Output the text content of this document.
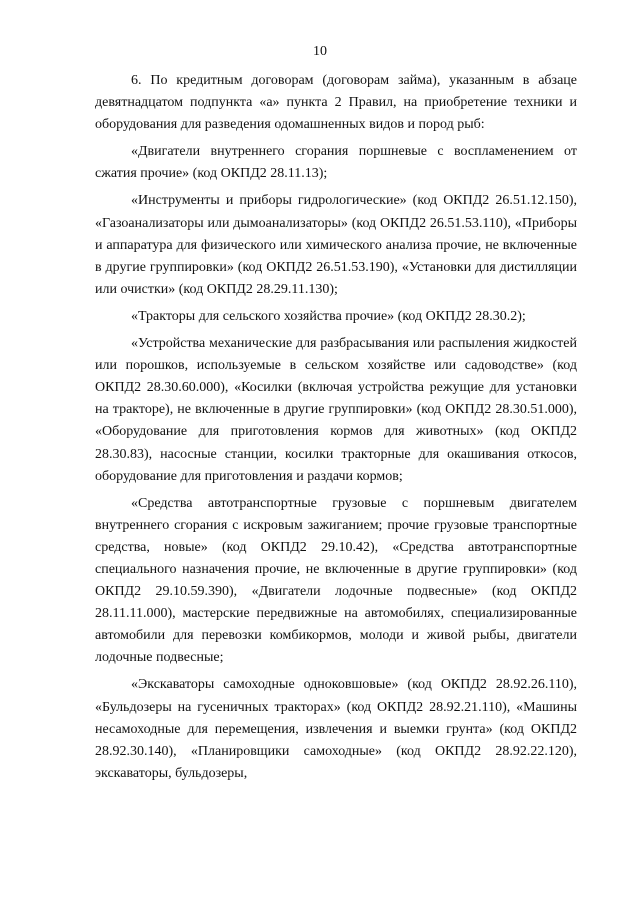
10

6. По кредитным договорам (договорам займа), указанным в абзаце девятнадцатом подпункта «а» пункта 2 Правил, на приобретение техники и оборудования для разведения одомашненных видов и пород рыб:

«Двигатели внутреннего сгорания поршневые с воспламенением от сжатия прочие» (код ОКПД2 28.11.13);

«Инструменты и приборы гидрологические» (код ОКПД2 26.51.12.150), «Газоанализаторы или дымоанализаторы» (код ОКПД2 26.51.53.110), «Приборы и аппаратура для физического или химического анализа прочие, не включенные в другие группировки» (код ОКПД2 26.51.53.190), «Установки для дистилляции или очистки» (код ОКПД2 28.29.11.130);

«Тракторы для сельского хозяйства прочие» (код ОКПД2 28.30.2);

«Устройства механические для разбрасывания или распыления жидкостей или порошков, используемые в сельском хозяйстве или садоводстве» (код ОКПД2 28.30.60.000), «Косилки (включая устройства режущие для установки на тракторе), не включенные в другие группировки» (код ОКПД2 28.30.51.000), «Оборудование для приготовления кормов для животных» (код ОКПД2 28.30.83), насосные станции, косилки тракторные для окашивания откосов, оборудование для приготовления и раздачи кормов;

«Средства автотранспортные грузовые с поршневым двигателем внутреннего сгорания с искровым зажиганием; прочие грузовые транспортные средства, новые» (код ОКПД2 29.10.42), «Средства автотранспортные специального назначения прочие, не включенные в другие группировки» (код ОКПД2 29.10.59.390), «Двигатели лодочные подвесные» (код ОКПД2 28.11.11.000), мастерские передвижные на автомобилях, специализированные автомобили для перевозки комбикормов, молоди и живой рыбы, двигатели лодочные подвесные;

«Экскаваторы самоходные одноковшовые» (код ОКПД2 28.92.26.110), «Бульдозеры на гусеничных тракторах» (код ОКПД2 28.92.21.110), «Машины несамоходные для перемещения, извлечения и выемки грунта» (код ОКПД2 28.92.30.140), «Планировщики самоходные» (код ОКПД2 28.92.22.120), экскаваторы, бульдозеры,
